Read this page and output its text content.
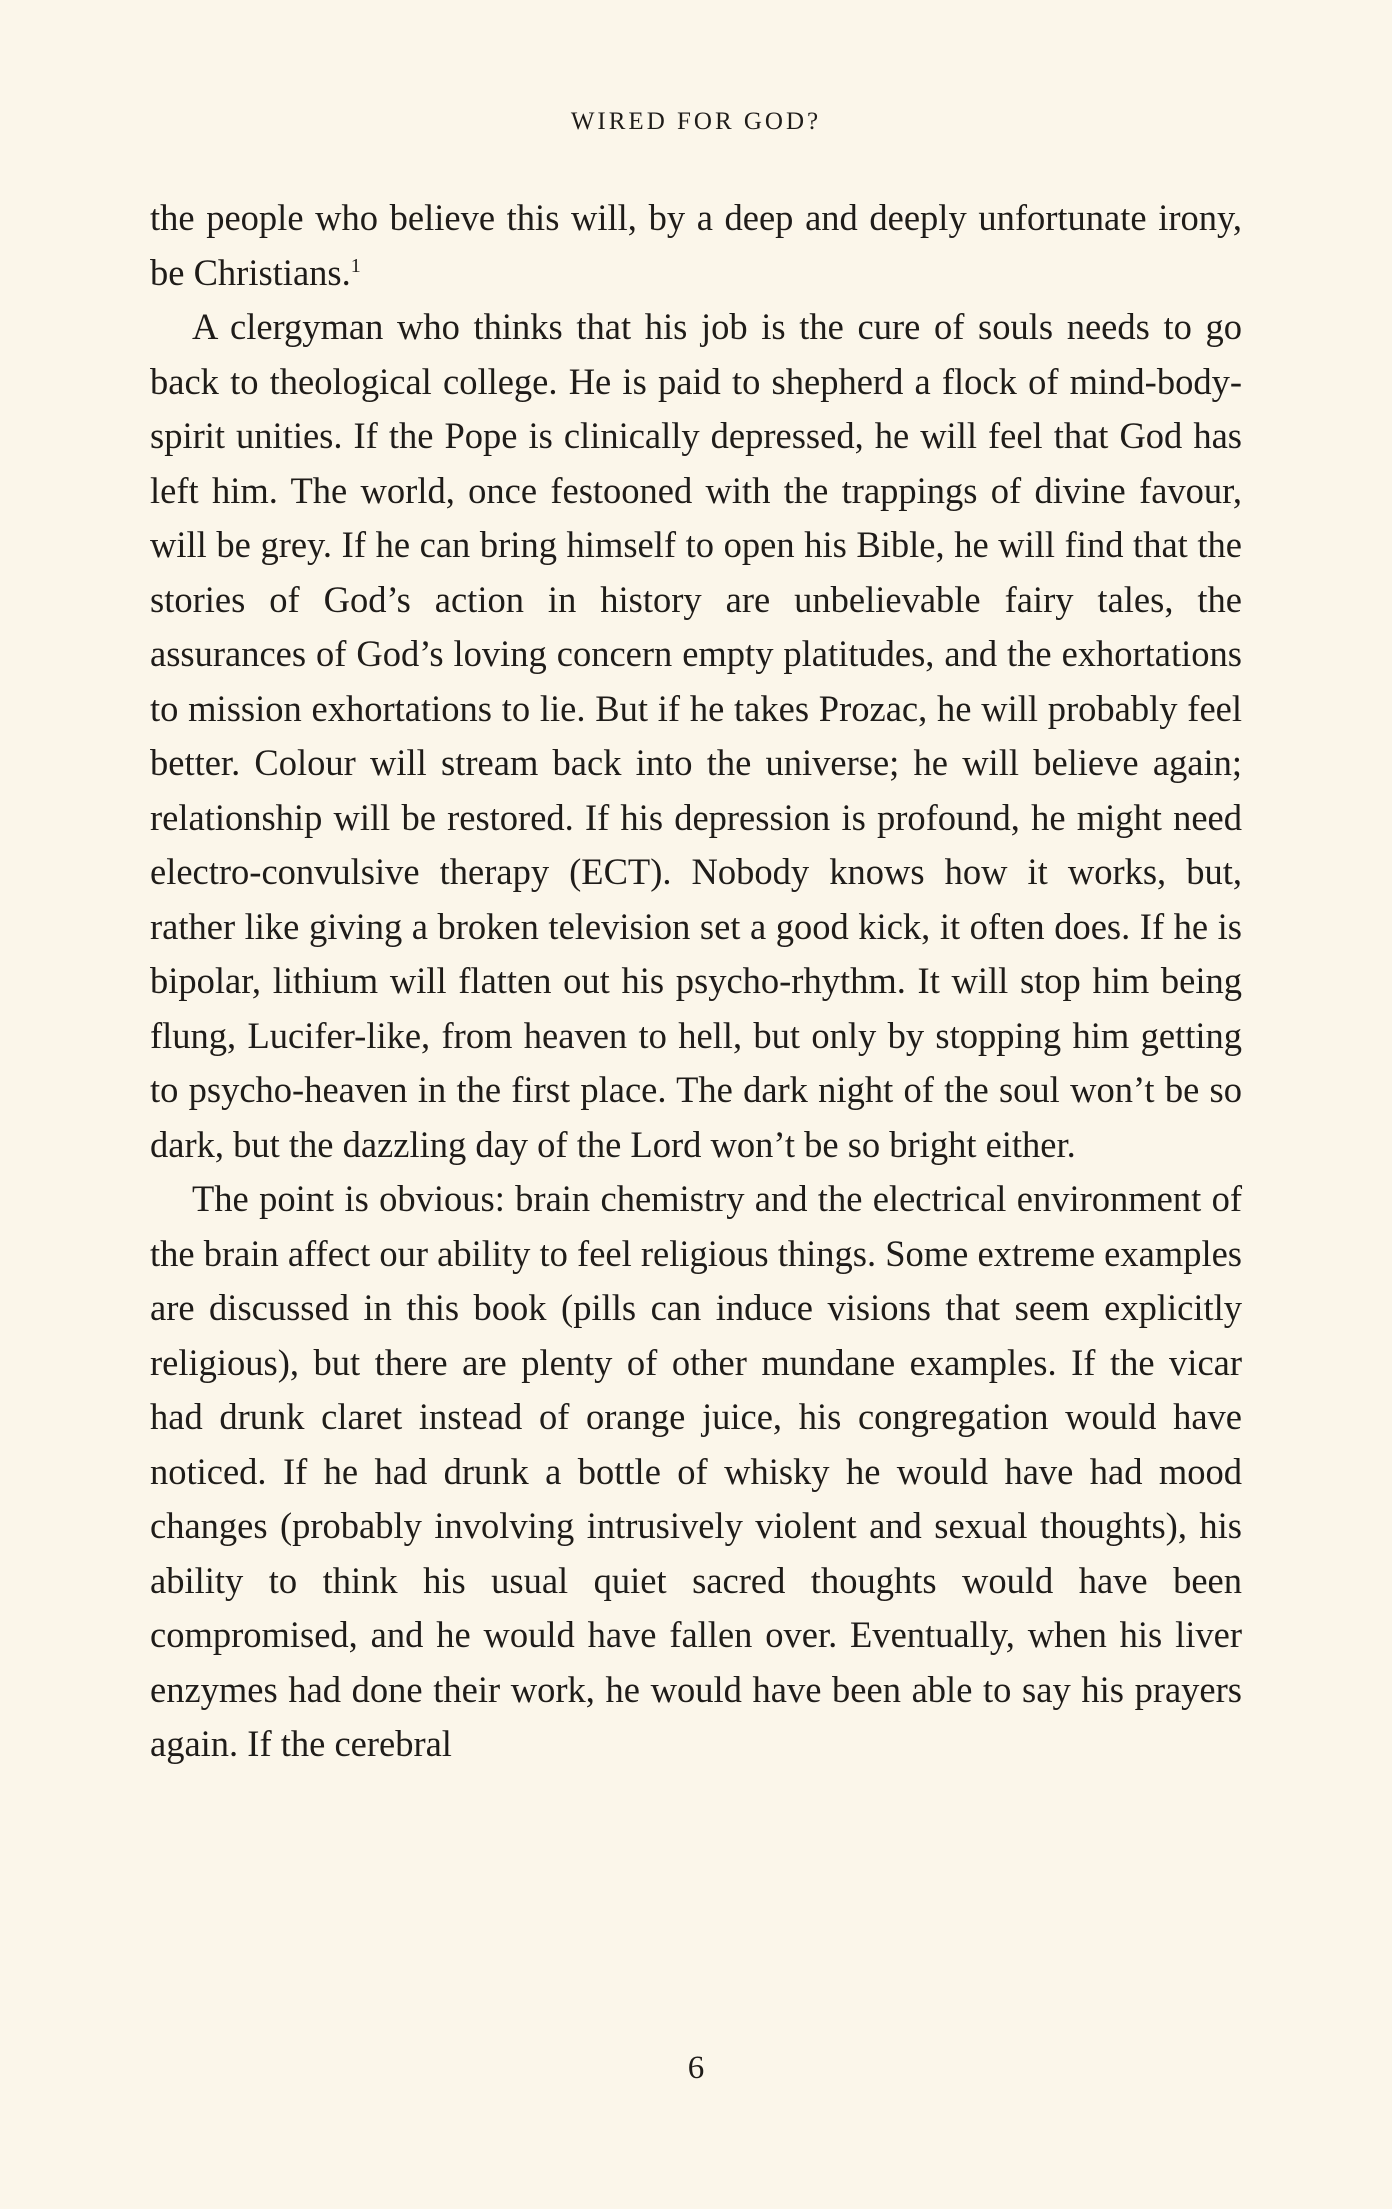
WIRED FOR GOD?

the people who believe this will, by a deep and deeply unfortunate irony, be Christians.$^1$

A clergyman who thinks that his job is the cure of souls needs to go back to theological college. He is paid to shepherd a flock of mind-body-spirit unities. If the Pope is clinically depressed, he will feel that God has left him. The world, once festooned with the trappings of divine favour, will be grey. If he can bring himself to open his Bible, he will find that the stories of God’s action in history are unbelievable fairy tales, the assurances of God’s loving concern empty platitudes, and the exhortations to mission exhortations to lie. But if he takes Prozac, he will probably feel better. Colour will stream back into the universe; he will believe again; relationship will be restored. If his depression is profound, he might need electro-convulsive therapy (ECT). Nobody knows how it works, but, rather like giving a broken television set a good kick, it often does. If he is bipolar, lithium will flatten out his psycho-rhythm. It will stop him being flung, Lucifer-like, from heaven to hell, but only by stopping him getting to psycho-heaven in the first place. The dark night of the soul won’t be so dark, but the dazzling day of the Lord won’t be so bright either.

The point is obvious: brain chemistry and the electrical environment of the brain affect our ability to feel religious things. Some extreme examples are discussed in this book (pills can induce visions that seem explicitly religious), but there are plenty of other mundane examples. If the vicar had drunk claret instead of orange juice, his congregation would have noticed. If he had drunk a bottle of whisky he would have had mood changes (probably involving intrusively violent and sexual thoughts), his ability to think his usual quiet sacred thoughts would have been compromised, and he would have fallen over. Eventually, when his liver enzymes had done their work, he would have been able to say his prayers again. If the cerebral

6
